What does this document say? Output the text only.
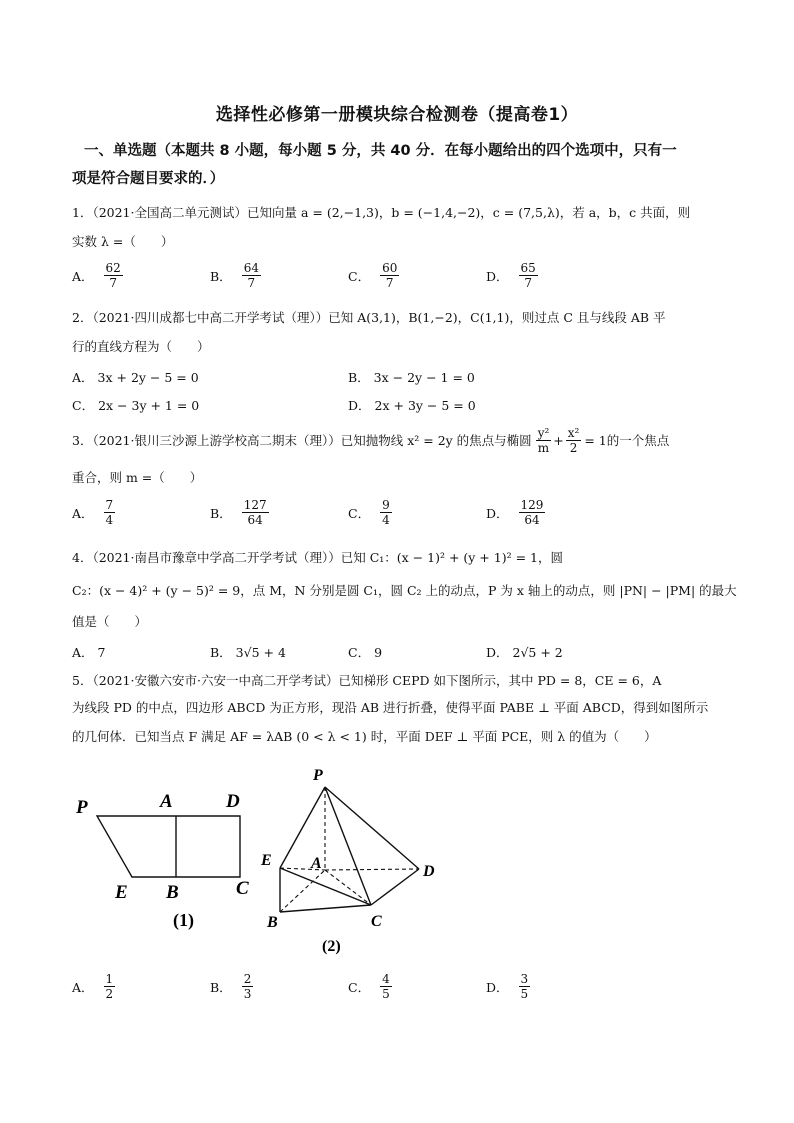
选择性必修第一册模块综合检测卷（提高卷1）
一、单选题（本题共 8 小题，每小题 5 分，共 40 分．在每小题给出的四个选项中，只有一
项是符合题目要求的．）
1．（2021·全国高二单元测试）已知向量 a = (2,−1,3)，b = (−1,4,−2)，c = (7,5,λ)，若 a，b，c 共面，则
实数 λ =（　　）
A． $\frac{62}{7}$	B． $\frac{64}{7}$	C． $\frac{60}{7}$	D． $\frac{65}{7}$
2．（2021·四川成都七中高二开学考试（理））已知 A(3,1)，B(1,−2)，C(1,1)，则过点 C 且与线段 AB 平
行的直线方程为（　　）
A． 3x + 2y − 5 = 0	B． 3x − 2y − 1 = 0
C． 2x − 3y + 1 = 0	D． 2x + 3y − 5 = 0
3．（2021·银川三沙源上游学校高二期末（理））已知抛物线 x² = 2y 的焦点与椭圆 $\frac{\text{y²}}{m} + \frac{\text{x²}}{2} = 1$ 的一个焦点
重合，则 m =（　　）
A． $\frac{7}{4}$	B． $\frac{127}{64}$	C． $\frac{9}{4}$	D． $\frac{129}{64}$
4．（2021·南昌市豫章中学高二开学考试（理））已知 C₁：(x − 1)² + (y + 1)² = 1，圆
C₂：(x − 4)² + (y − 5)² = 9，点 M，N 分别是圆 C₁，圆 C₂ 上的动点，P 为 x 轴上的动点，则 |PN| − |PM| 的最大
值是（　　）
A． 7	B． 3√5 + 4	C． 9	D． 2√5 + 2
5．（2021·安徽六安市·六安一中高二开学考试）已知梯形 CEPD 如下图所示，其中 PD = 8，CE = 6，A
为线段 PD 的中点，四边形 ABCD 为正方形，现沿 AB 进行折叠，使得平面 PABE ⊥ 平面 ABCD，得到如图所示
的几何体．已知当点 F 满足 AF = λAB (0 < λ < 1) 时，平面 DEF ⊥ 平面 PCE，则 λ 的值为（　　）
P	A	D
E B	C
(1)
P
E A	D
B	C
(2)
A． $\frac{1}{2}$	B． $\frac{2}{3}$	C． $\frac{4}{5}$	D． $\frac{3}{5}$
